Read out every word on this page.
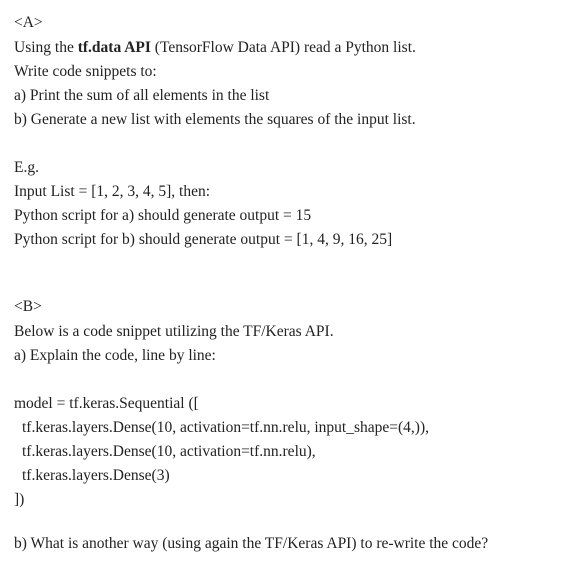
<A>
Using the tf.data API (TensorFlow Data API) read a Python list.
Write code snippets to:
a) Print the sum of all elements in the list
b) Generate a new list with elements the squares of the input list.
E.g.
Input List = [1, 2, 3, 4, 5], then:
Python script for a) should generate output = 15
Python script for b) should generate output = [1, 4, 9, 16, 25]
<B>
Below is a code snippet utilizing the TF/Keras API.
a) Explain the code, line by line:
model = tf.keras.Sequential ([
tf.keras.layers.Dense(10, activation=tf.nn.relu, input_shape=(4,)),
tf.keras.layers.Dense(10, activation=tf.nn.relu),
tf.keras.layers.Dense(3)
])
b) What is another way (using again the TF/Keras API) to re-write the code?
